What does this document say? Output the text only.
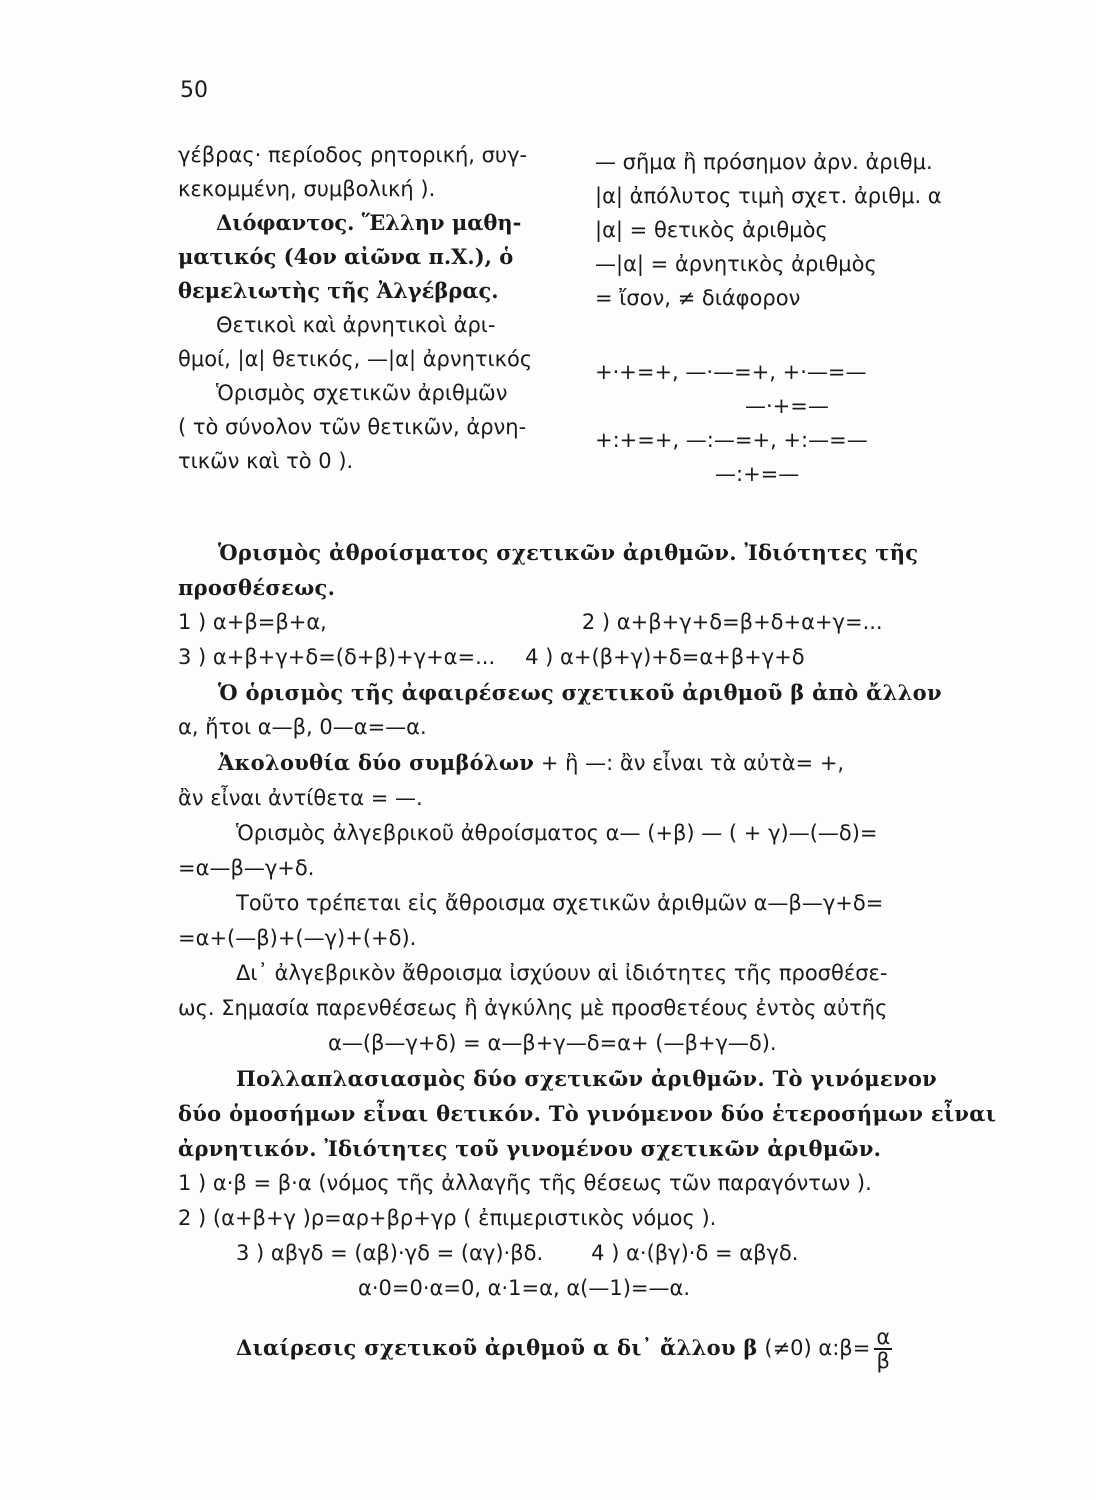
50
γέβρας· περίοδος ρητορική, συγ-
κεκομμένη, συμβολική ).
Διόφαντος. Ἕλλην μαθη-
ματικός (4ον αἰῶνα π.Χ.), ὁ
θεμελιωτὴς τῆς Ἀλγέβρας.
Θετικοὶ καὶ ἀρνητικοὶ ἀρι-
θμοί, |α| θετικός, —|α| ἀρνητικός
Ὁρισμὸς σχετικῶν ἀριθμῶν
( τὸ σύνολον τῶν θετικῶν, ἀρνη-
τικῶν καὶ τὸ 0 ).
— σῆμα ἢ πρόσημον ἀρν. ἀριθμ.
|α| ἀπόλυτος τιμὴ σχετ. ἀριθμ. α
|α| = θετικὸς ἀριθμὸς
—|α| = ἀρνητικὸς ἀριθμὸς
= ἴσον, ≠ διάφορον
+·+=+, —·—=+, +·—=—
—·+=—
+:+=+, —:—=+, +:—=—
—:+=—
Ὁρισμὸς ἀθροίσματος σχετικῶν ἀριθμῶν. Ἰδιότητες τῆς
προσθέσεως.
1 ) α+β=β+α,	2 ) α+β+γ+δ=β+δ+α+γ=...
3 ) α+β+γ+δ=(δ+β)+γ+α=... 4 ) α+(β+γ)+δ=α+β+γ+δ
Ὁ ὁρισμὸς τῆς ἀφαιρέσεως σχετικοῦ ἀριθμοῦ β ἀπὸ ἄλλον
α, ἤτοι α—β, 0—α=—α.
Ἀκολουθία δύο συμβόλων + ἢ —: ἂν εἶναι τὰ αὐτὰ= +,
ἂν εἶναι ἀντίθετα = —.
Ὁρισμὸς ἀλγεβρικοῦ ἀθροίσματος α— (+β) — ( + γ)—(—δ)=
=α—β—γ+δ.
Τοῦτο τρέπεται εἰς ἄθροισμα σχετικῶν ἀριθμῶν α—β—γ+δ=
=α+(—β)+(—γ)+(+δ).
Δι᾽ ἀλγεβρικὸν ἄθροισμα ἰσχύουν αἱ ἰδιότητες τῆς προσθέσε-
ως. Σημασία παρενθέσεως ἢ ἀγκύλης μὲ προσθετέους ἐντὸς αὐτῆς
α—(β—γ+δ) = α—β+γ—δ=α+ (—β+γ—δ).
Πολλαπλασιασμὸς δύο σχετικῶν ἀριθμῶν. Τὸ γινόμενον
δύο ὁμοσήμων εἶναι θετικόν. Τὸ γινόμενον δύο ἑτεροσήμων εἶναι
ἀρνητικόν. Ἰδιότητες τοῦ γινομένου σχετικῶν ἀριθμῶν.
1 ) α·β = β·α (νόμος τῆς ἀλλαγῆς τῆς θέσεως τῶν παραγόντων ).
2 ) (α+β+γ )ρ=αρ+βρ+γρ ( ἐπιμεριστικὸς νόμος ).
3 ) αβγδ = (αβ)·γδ = (αγ)·βδ. 4 ) α·(βγ)·δ = αβγδ.
α·0=0·α=0, α·1=α, α(—1)=—α.
Διαίρεσις σχετικοῦ ἀριθμοῦ α δι᾽ ἄλλου β (≠0) α:β= $\frac{\alpha}{\beta}$
